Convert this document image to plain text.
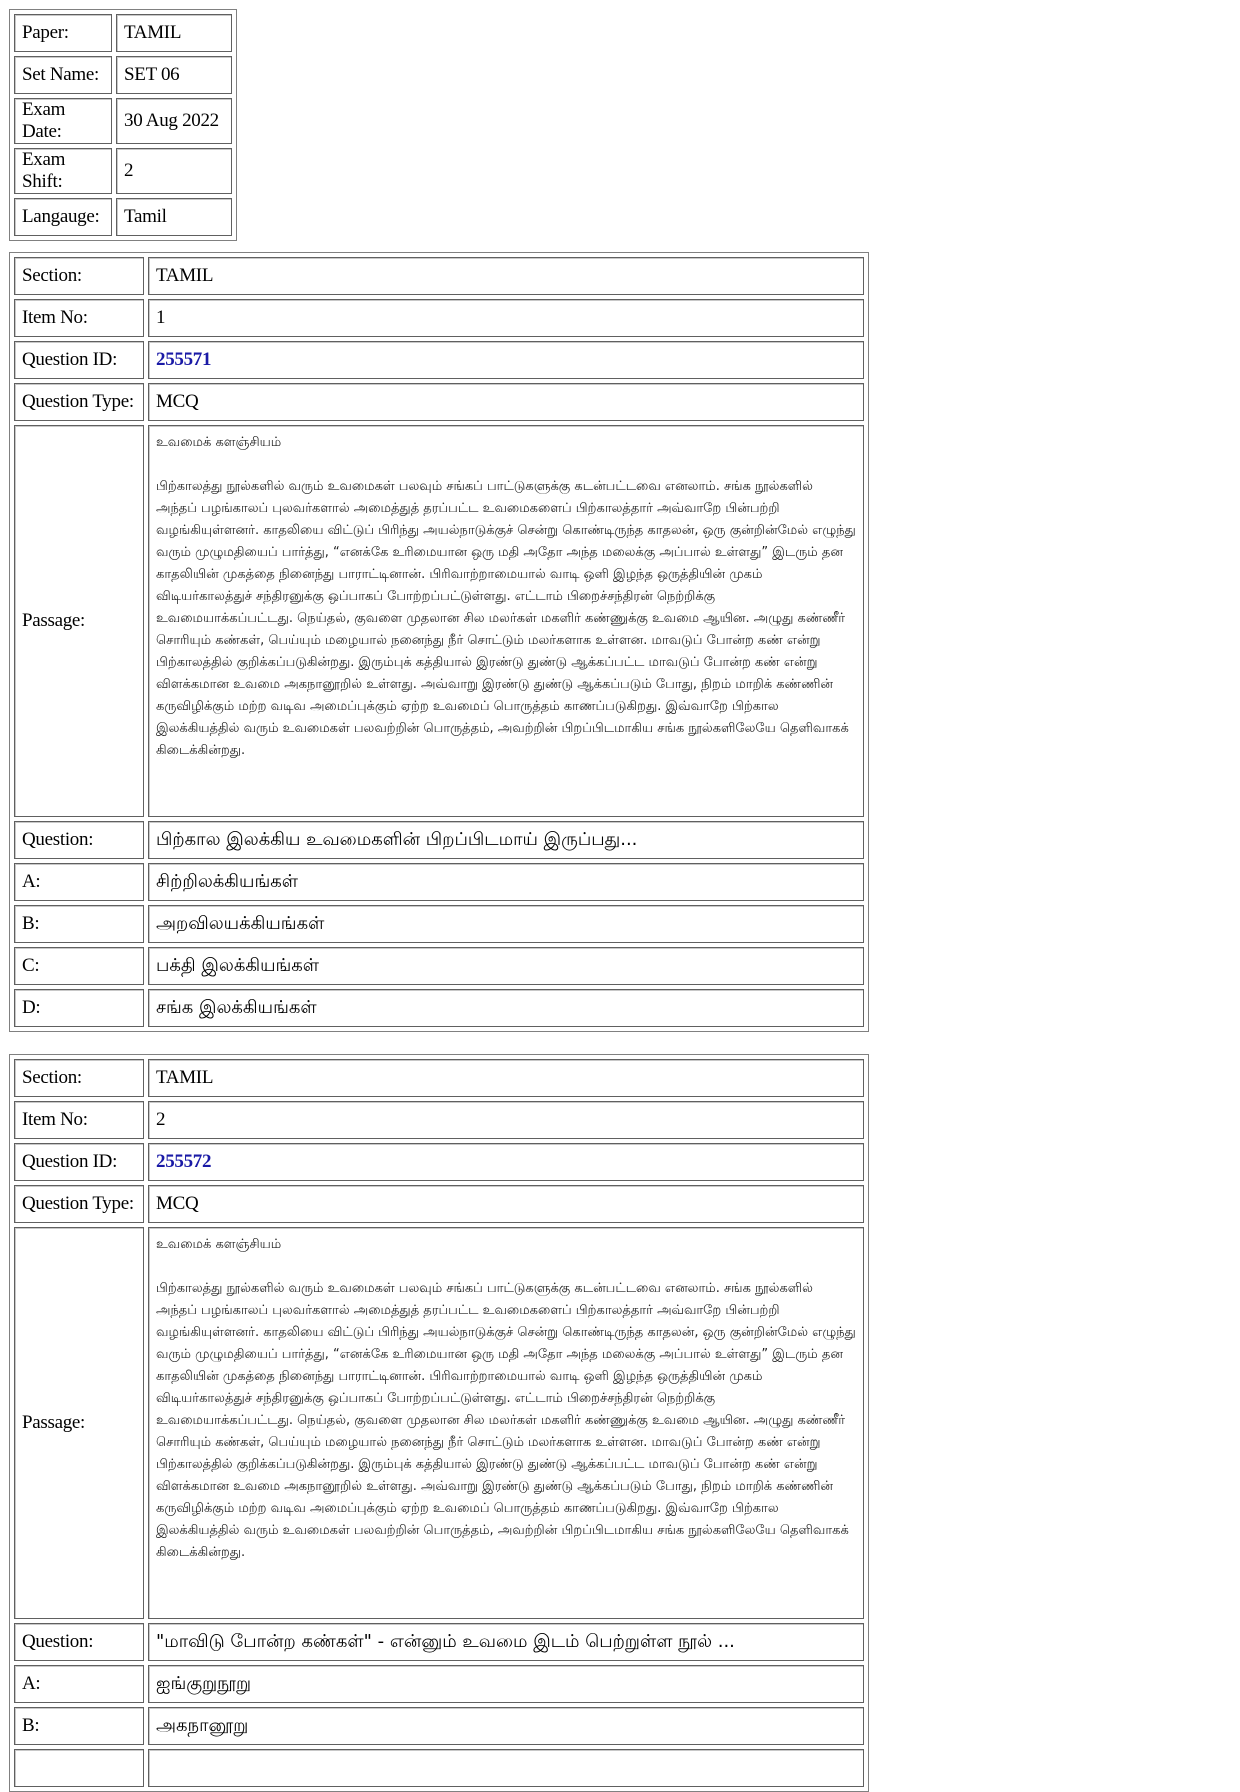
Paper:	TAMIL
Set Name:	SET 06
Exam Date:	30 Aug 2022
Exam Shift:	2
Langauge:	Tamil
Section:	TAMIL
Item No:	1
Question ID:	255571
Question Type:	MCQ
Passage:	உவமைக் களஞ்சியம்
பிற்காலத்து நூல்களில் வரும் உவமைகள் பலவும் சங்கப் பாட்டுகளுக்கு கடன்பட்டவை எனலாம். சங்க நூல்களில் அந்தப் பழங்காலப் புலவர்களால் அமைத்துத் தரப்பட்ட உவமைகளைப் பிற்காலத்தார் அவ்வாறே பின்பற்றி வழங்கியுள்ளனர். காதலியை விட்டுப் பிரிந்து அயல்நாடுக்குச் சென்று கொண்டிருந்த காதலன், ஒரு குன்றின்மேல் எழுந்து வரும் முழுமதியைப் பார்த்து, “எனக்கே உரிமையான ஒரு மதி அதோ அந்த மலைக்கு அப்பால் உள்ளது” இடரும் தன காதலியின் முகத்தை நினைந்து பாராட்டினான். பிரிவாற்றாமையால் வாடி ஒளி இழந்த ஒருத்தியின் முகம் விடியர்காலத்துச் சந்திரனுக்கு ஒப்பாகப் போற்றப்பட்டுள்ளது. எட்டாம் பிறைச்சந்திரன் நெற்றிக்கு உவமையாக்கப்பட்டது. நெய்தல், குவளை முதலான சில மலர்கள் மகளிர் கண்ணுக்கு உவமை ஆயின. அழுது கண்ணீர் சொரியும் கண்கள், பெய்யும் மழையால் நனைந்து நீர் சொட்டும் மலர்களாக உள்ளன. மாவடுப் போன்ற கண் என்று பிற்காலத்தில் குறிக்கப்படுகின்றது. இரும்புக் கத்தியால் இரண்டு துண்டு ஆக்கப்பட்ட மாவடுப் போன்ற கண் என்று விளக்கமான உவமை அகநானூறில் உள்ளது. அவ்வாறு இரண்டு துண்டு ஆக்கப்படும் போது, நிறம் மாறிக் கண்ணின் கருவிழிக்கும் மற்ற வடிவ அமைப்புக்கும் ஏற்ற உவமைப் பொருத்தம் காணப்படுகிறது. இவ்வாறே பிற்கால இலக்கியத்தில் வரும் உவமைகள் பலவற்றின் பொருத்தம், அவற்றின் பிறப்பிடமாகிய சங்க நூல்களிலேயே தெளிவாகக் கிடைக்கின்றது.

Question:	பிற்கால இலக்கிய உவமைகளின் பிறப்பிடமாய் இருப்பது...
A:	சிற்றிலக்கியங்கள்
B:	அறவிலயக்கியங்கள்
C:	பக்தி இலக்கியங்கள்
D:	சங்க இலக்கியங்கள்
Section:	TAMIL
Item No:	2
Question ID:	255572
Question Type:	MCQ
Passage:	உவமைக் களஞ்சியம்
பிற்காலத்து நூல்களில் வரும் உவமைகள் பலவும் சங்கப் பாட்டுகளுக்கு கடன்பட்டவை எனலாம். சங்க நூல்களில் அந்தப் பழங்காலப் புலவர்களால் அமைத்துத் தரப்பட்ட உவமைகளைப் பிற்காலத்தார் அவ்வாறே பின்பற்றி வழங்கியுள்ளனர். காதலியை விட்டுப் பிரிந்து அயல்நாடுக்குச் சென்று கொண்டிருந்த காதலன், ஒரு குன்றின்மேல் எழுந்து வரும் முழுமதியைப் பார்த்து, “எனக்கே உரிமையான ஒரு மதி அதோ அந்த மலைக்கு அப்பால் உள்ளது” இடரும் தன காதலியின் முகத்தை நினைந்து பாராட்டினான். பிரிவாற்றாமையால் வாடி ஒளி இழந்த ஒருத்தியின் முகம் விடியர்காலத்துச் சந்திரனுக்கு ஒப்பாகப் போற்றப்பட்டுள்ளது. எட்டாம் பிறைச்சந்திரன் நெற்றிக்கு உவமையாக்கப்பட்டது. நெய்தல், குவளை முதலான சில மலர்கள் மகளிர் கண்ணுக்கு உவமை ஆயின. அழுது கண்ணீர் சொரியும் கண்கள், பெய்யும் மழையால் நனைந்து நீர் சொட்டும் மலர்களாக உள்ளன. மாவடுப் போன்ற கண் என்று பிற்காலத்தில் குறிக்கப்படுகின்றது. இரும்புக் கத்தியால் இரண்டு துண்டு ஆக்கப்பட்ட மாவடுப் போன்ற கண் என்று விளக்கமான உவமை அகநானூறில் உள்ளது. அவ்வாறு இரண்டு துண்டு ஆக்கப்படும் போது, நிறம் மாறிக் கண்ணின் கருவிழிக்கும் மற்ற வடிவ அமைப்புக்கும் ஏற்ற உவமைப் பொருத்தம் காணப்படுகிறது. இவ்வாறே பிற்கால இலக்கியத்தில் வரும் உவமைகள் பலவற்றின் பொருத்தம், அவற்றின் பிறப்பிடமாகிய சங்க நூல்களிலேயே தெளிவாகக் கிடைக்கின்றது.

Question:	"மாவிடு போன்ற கண்கள்" - என்னும் உவமை இடம் பெற்றுள்ள நூல் ...
A:	ஐங்குறுநூறு
B:	அகநானூறு
